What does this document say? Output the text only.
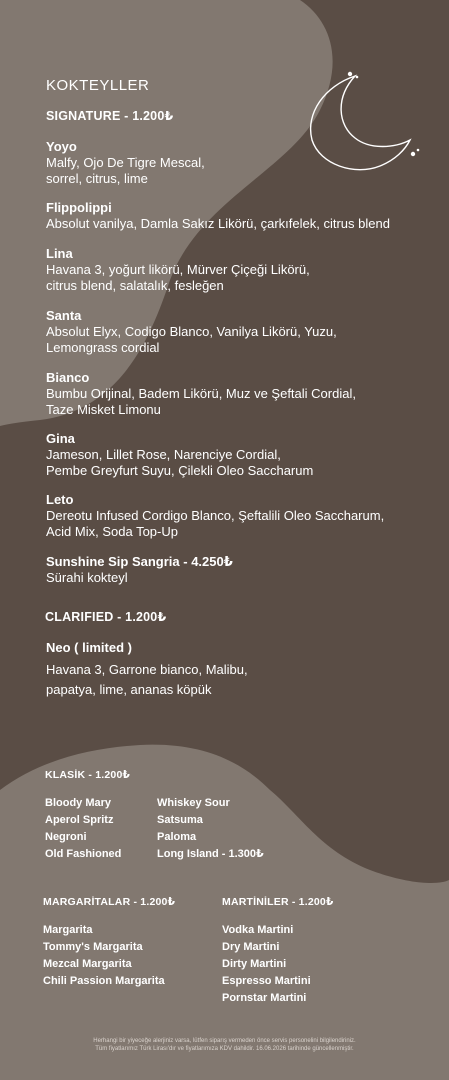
KOKTEYLLER
SIGNATURE - 1.200₺
Yoyo
Malfy, Ojo De Tigre Mescal,
sorrel, citrus, lime
Flippolippi
Absolut vanilya, Damla Sakız Likörü, çarkıfelek, citrus blend
Lina
Havana 3, yoğurt likörü, Mürver Çiçeği Likörü,
citrus blend, salatalık, fesleğen
Santa
Absolut Elyx, Codigo Blanco, Vanilya Likörü, Yuzu,
Lemongrass cordial
Bianco
Bumbu Orijinal, Badem Likörü, Muz ve Şeftali Cordial,
Taze Misket Limonu
Gina
Jameson, Lillet Rose, Narenciye Cordial,
Pembe Greyfurt Suyu, Çilekli Oleo Saccharum
Leto
Dereotu Infused Cordigo Blanco, Şeftalili Oleo Saccharum,
Acid Mix, Soda Top-Up
Sunshine Sip Sangria - 4.250₺
Sürahi kokteyl
CLARIFIED - 1.200₺
Neo ( limited )
Havana 3, Garrone bianco, Malibu,
papatya, lime, ananas köpük
KLASİK - 1.200₺
Bloody Mary
Aperol Spritz
Negroni
Old Fashioned
Whiskey Sour
Satsuma
Paloma
Long Island - 1.300₺
MARGARİTALAR - 1.200₺
Margarita
Tommy's Margarita
Mezcal Margarita
Chili Passion Margarita
MARTİNİLER - 1.200₺
Vodka Martini
Dry Martini
Dirty Martini
Espresso Martini
Pornstar Martini
Herhangi bir yiyeceğe alerjiniz varsa, lütfen siparış vermeden önce servis personelini bilgilendiriniz.
Tüm fiyatlarımız Türk Lirası'dır ve fiyatlarımıza KDV dahildir. 16.06.2026 tarihinde güncellenmiştir.
